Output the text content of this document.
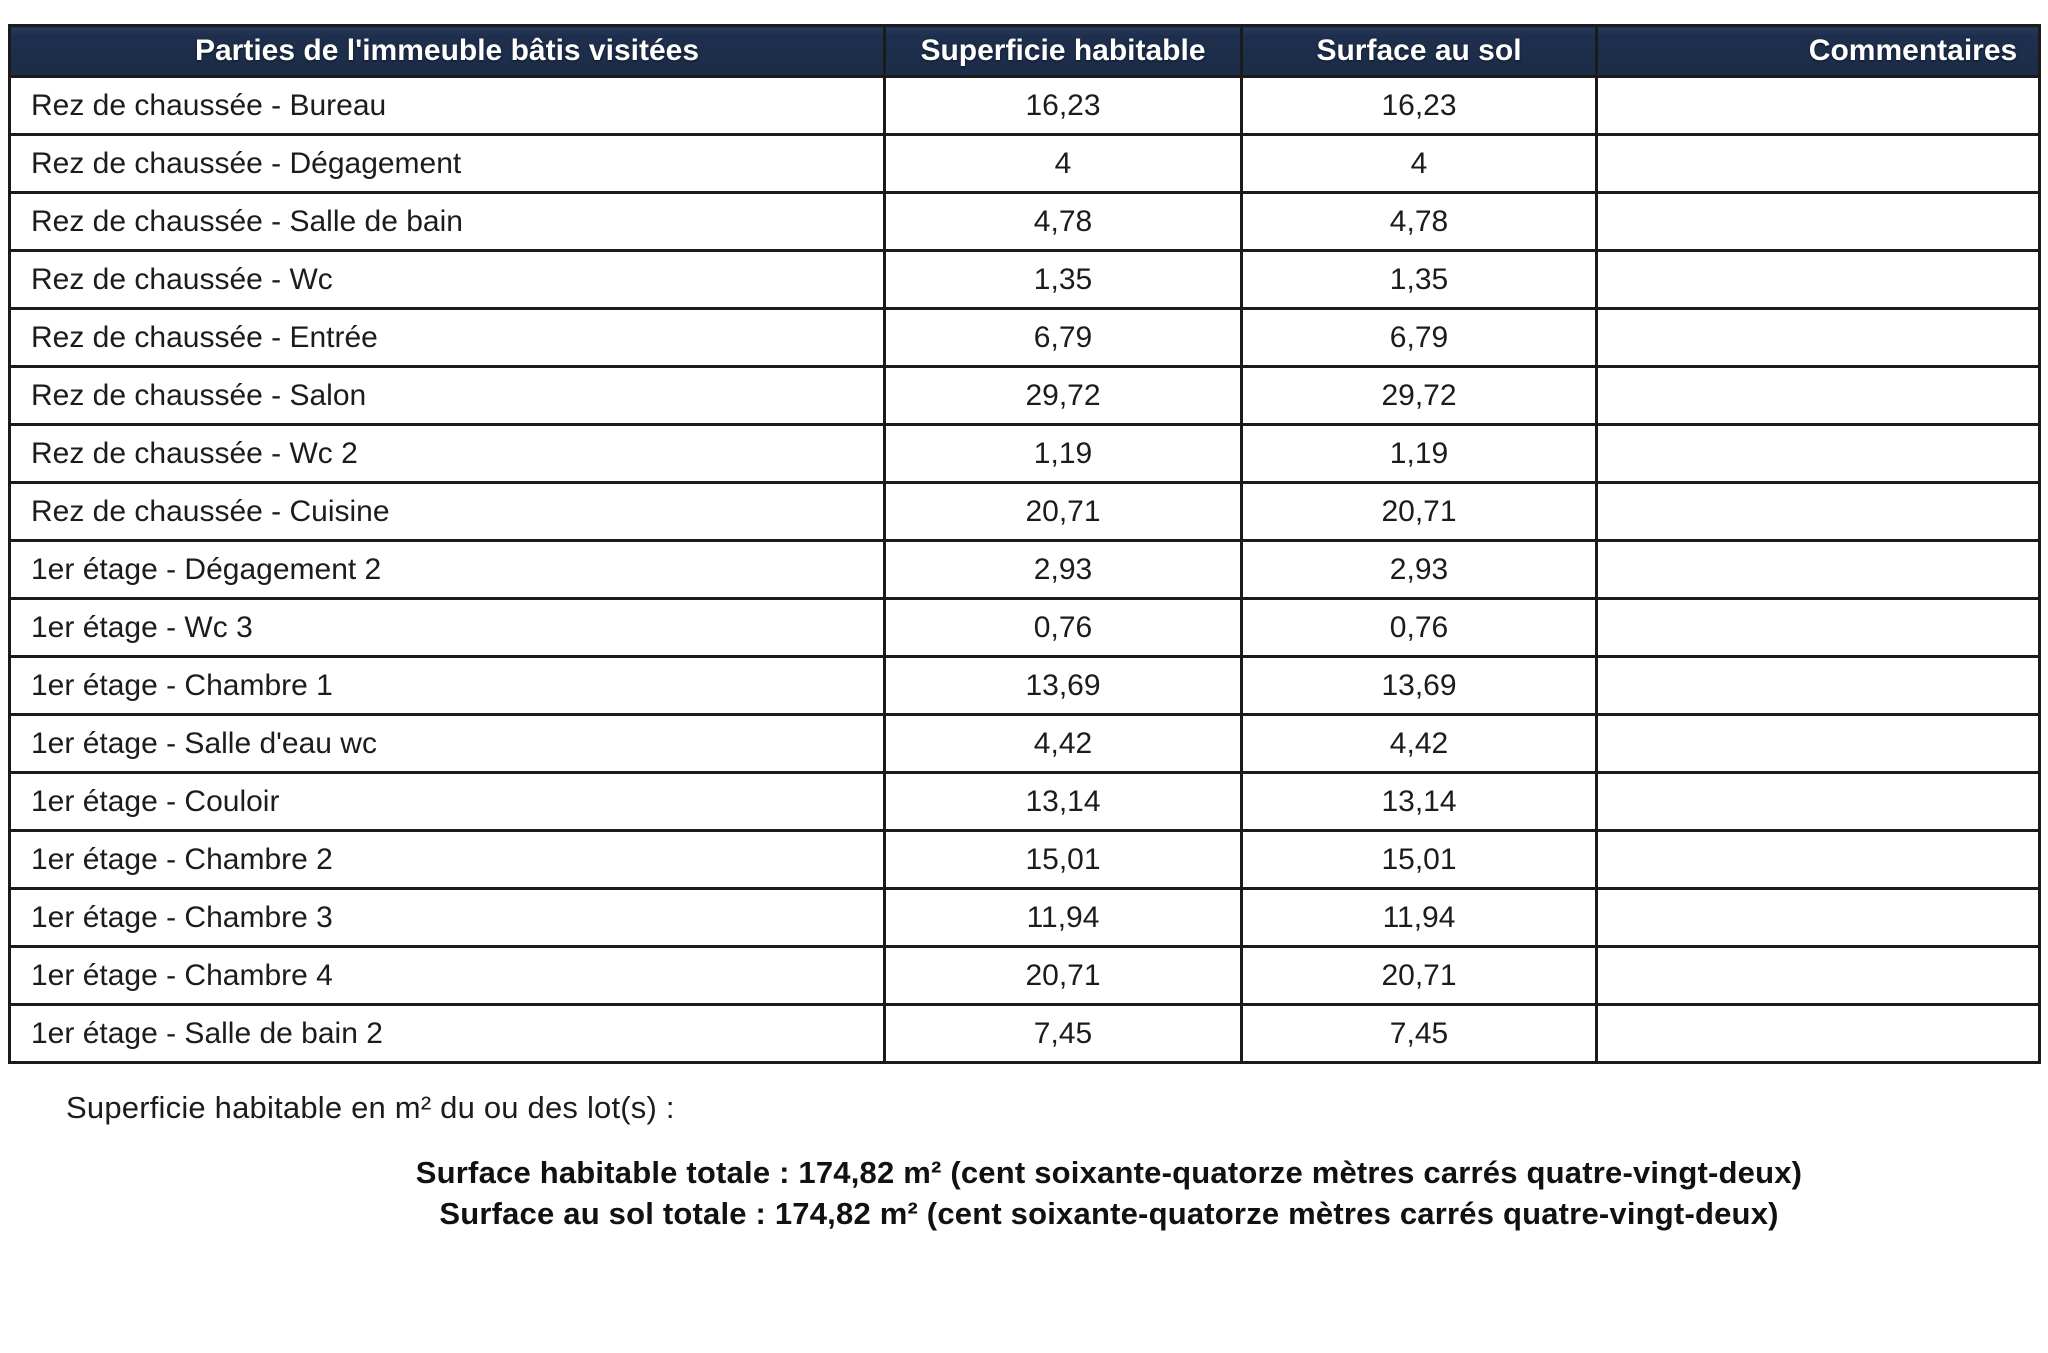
Parties de l'immeuble bâtis visitées	Superficie habitable	Surface au sol	Commentaires
Rez de chaussée - Bureau	16,23	16,23	
Rez de chaussée - Dégagement	4	4	
Rez de chaussée - Salle de bain	4,78	4,78	
Rez de chaussée - Wc	1,35	1,35	
Rez de chaussée - Entrée	6,79	6,79	
Rez de chaussée - Salon	29,72	29,72	
Rez de chaussée - Wc 2	1,19	1,19	
Rez de chaussée - Cuisine	20,71	20,71	
1er étage - Dégagement 2	2,93	2,93	
1er étage - Wc 3	0,76	0,76	
1er étage - Chambre 1	13,69	13,69	
1er étage - Salle d'eau wc	4,42	4,42	
1er étage - Couloir	13,14	13,14	
1er étage - Chambre 2	15,01	15,01	
1er étage - Chambre 3	11,94	11,94	
1er étage - Chambre 4	20,71	20,71	
1er étage - Salle de bain 2	7,45	7,45	
Superficie habitable en m² du ou des lot(s) :
Surface habitable totale : 174,82 m² (cent soixante-quatorze mètres carrés quatre-vingt-deux)
Surface au sol totale : 174,82 m² (cent soixante-quatorze mètres carrés quatre-vingt-deux)
